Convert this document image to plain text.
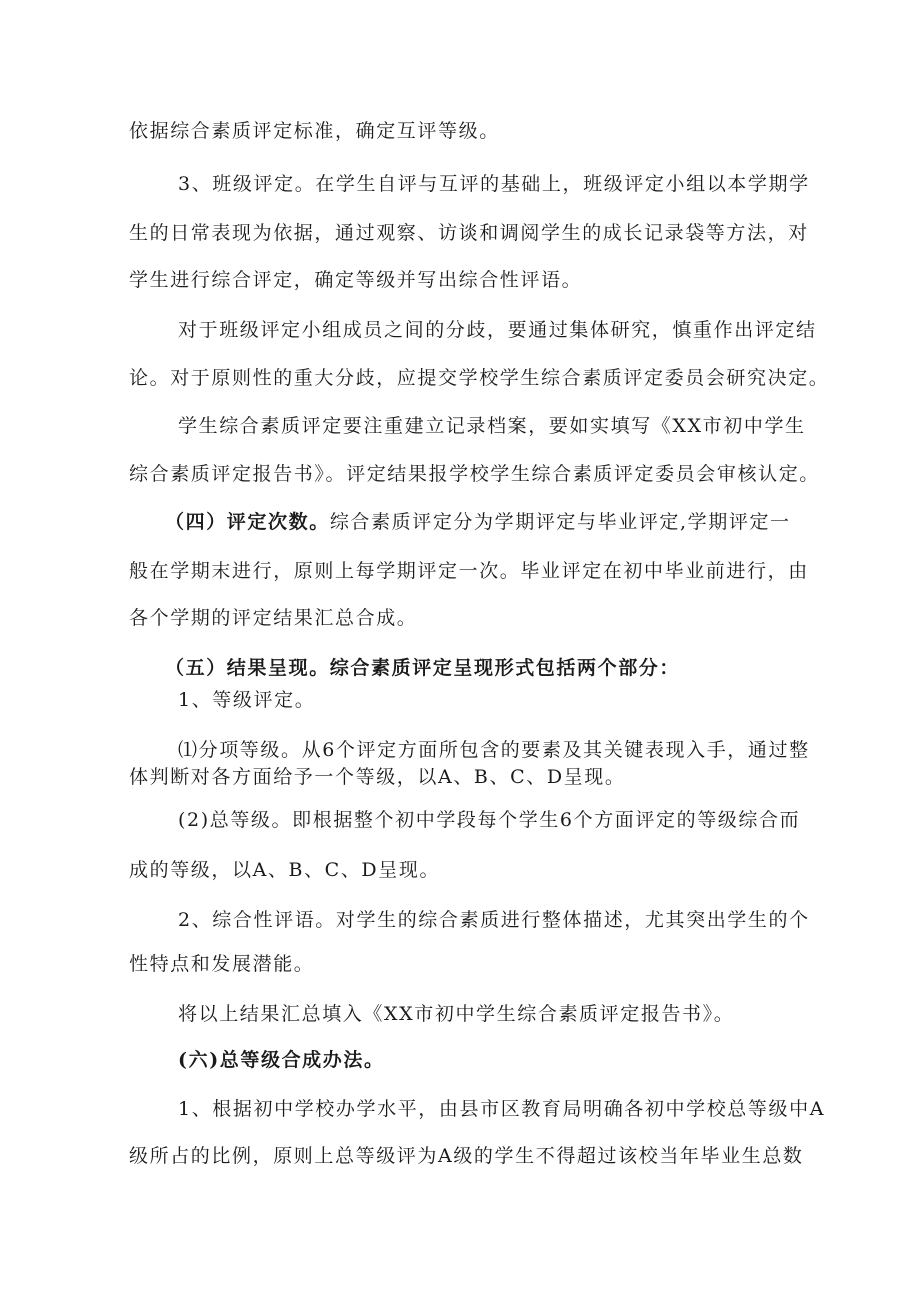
依据综合素质评定标准，确定互评等级。
3、班级评定。在学生自评与互评的基础上，班级评定小组以本学期学
生的日常表现为依据，通过观察、访谈和调阅学生的成长记录袋等方法，对
学生进行综合评定，确定等级并写出综合性评语。
对于班级评定小组成员之间的分歧，要通过集体研究，慎重作出评定结
论。对于原则性的重大分歧，应提交学校学生综合素质评定委员会研究决定。
学生综合素质评定要注重建立记录档案，要如实填写《XX市初中学生
综合素质评定报告书》。评定结果报学校学生综合素质评定委员会审核认定。
（四）评定次数。综合素质评定分为学期评定与毕业评定,学期评定一
般在学期末进行，原则上每学期评定一次。毕业评定在初中毕业前进行，由
各个学期的评定结果汇总合成。
（五）结果呈现。综合素质评定呈现形式包括两个部分：
1、等级评定。
⑴分项等级。从6个评定方面所包含的要素及其关键表现入手，通过整
体判断对各方面给予一个等级，以A、B、C、D呈现。
(2)总等级。即根据整个初中学段每个学生6个方面评定的等级综合而
成的等级，以A、B、C、D呈现。
2、综合性评语。对学生的综合素质进行整体描述，尤其突出学生的个
性特点和发展潜能。
将以上结果汇总填入《XX市初中学生综合素质评定报告书》。
(六)总等级合成办法。
1、根据初中学校办学水平，由县市区教育局明确各初中学校总等级中A
级所占的比例，原则上总等级评为A级的学生不得超过该校当年毕业生总数
